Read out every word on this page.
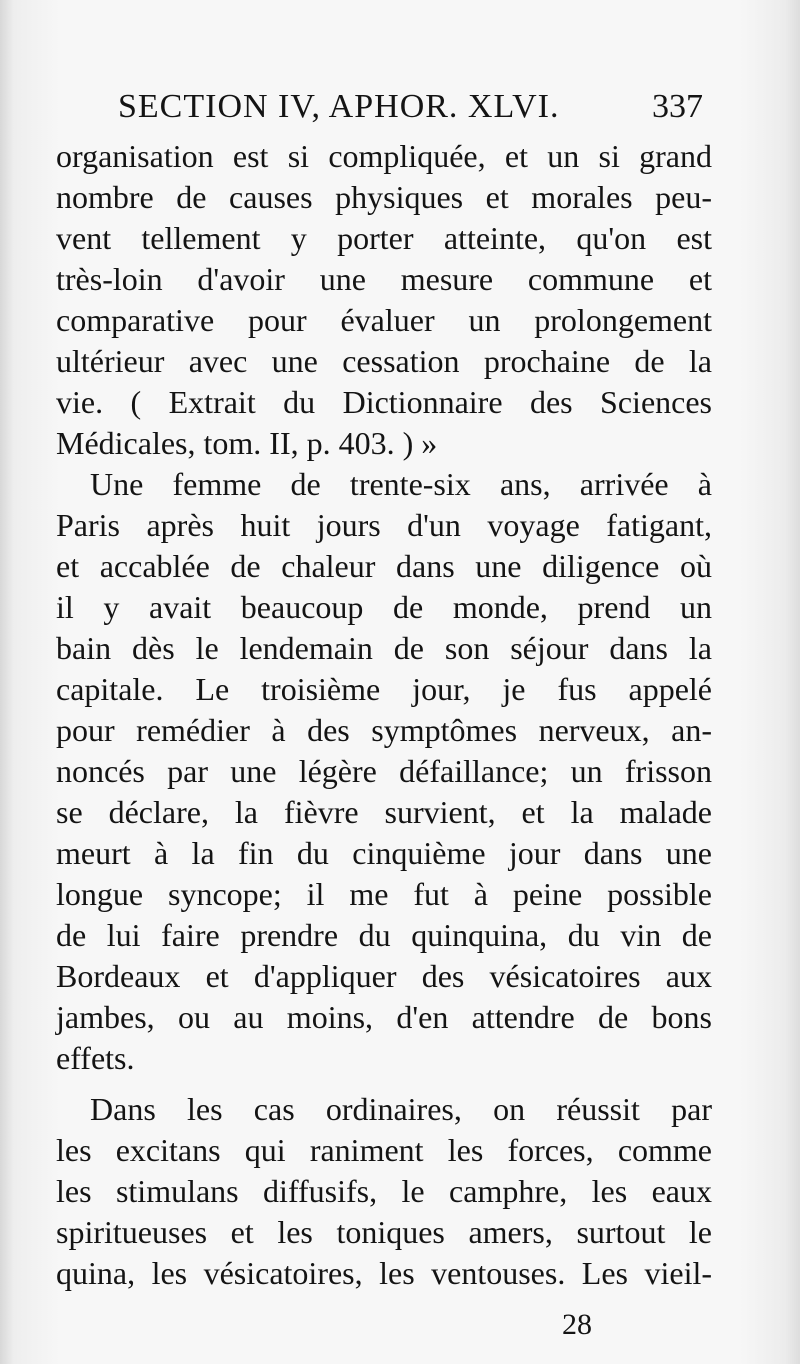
SECTION IV, APHOR. XLVI.	337
organisation est si compliquée, et un si grand
nombre de causes physiques et morales peu-
vent tellement y porter atteinte, qu'on est
très-loin d'avoir une mesure commune et
comparative pour évaluer un prolongement
ultérieur avec une cessation prochaine de la
vie. ( Extrait du Dictionnaire des Sciences
Médicales, tom. II, p. 403. ) »
Une femme de trente-six ans, arrivée à
Paris après huit jours d'un voyage fatigant,
et accablée de chaleur dans une diligence où
il y avait beaucoup de monde, prend un
bain dès le lendemain de son séjour dans la
capitale. Le troisième jour, je fus appelé
pour remédier à des symptômes nerveux, an-
noncés par une légère défaillance; un frisson
se déclare, la fièvre survient, et la malade
meurt à la fin du cinquième jour dans une
longue syncope; il me fut à peine possible
de lui faire prendre du quinquina, du vin de
Bordeaux et d'appliquer des vésicatoires aux
jambes, ou au moins, d'en attendre de bons
effets.
Dans les cas ordinaires, on réussit par
les excitans qui raniment les forces, comme
les stimulans diffusifs, le camphre, les eaux
spiritueuses et les toniques amers, surtout le
quina, les vésicatoires, les ventouses. Les vieil-
28
